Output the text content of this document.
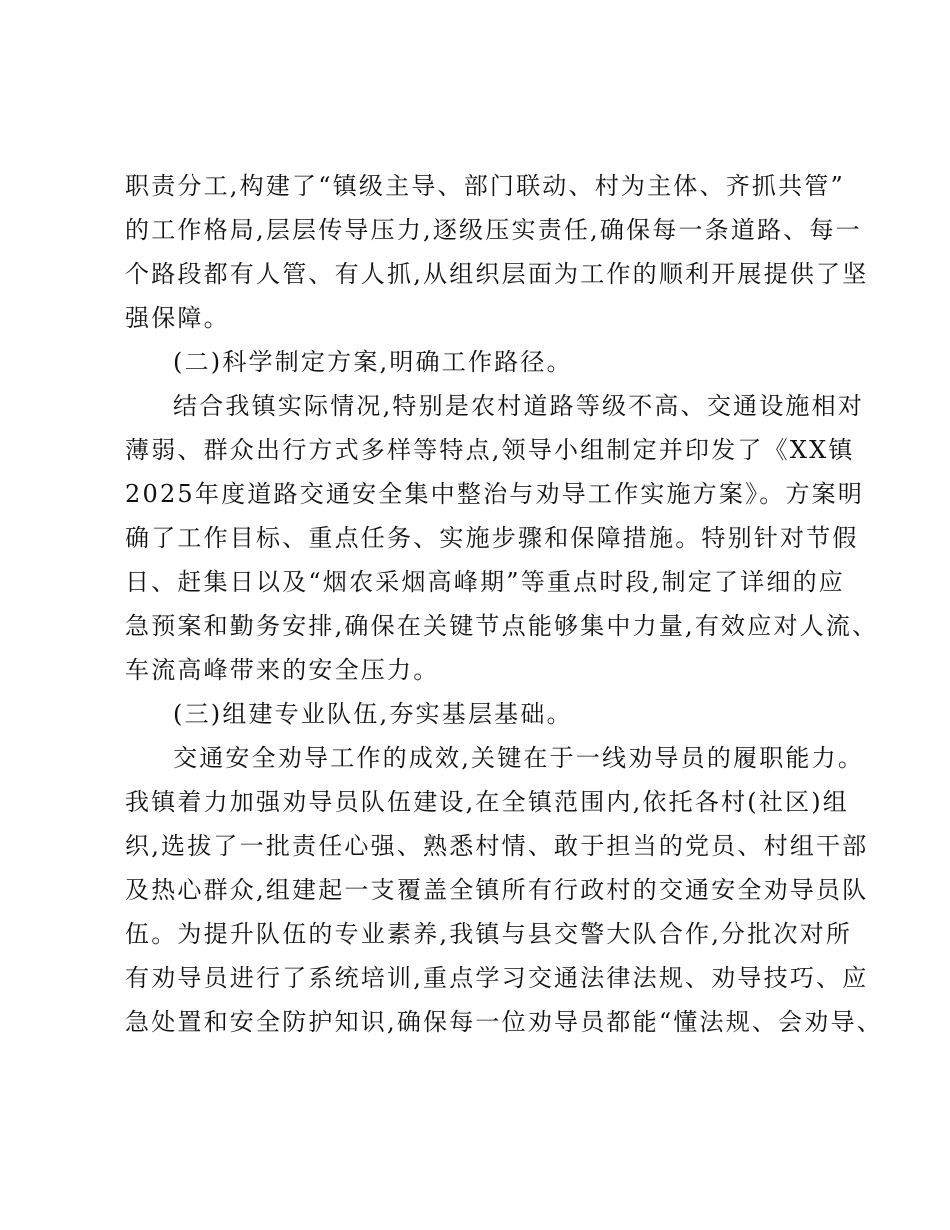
职责分工,构建了“镇级主导、部门联动、村为主体、齐抓共管”
的工作格局,层层传导压力,逐级压实责任,确保每一条道路、每一
个路段都有人管、有人抓,从组织层面为工作的顺利开展提供了坚
强保障。
(二)科学制定方案,明确工作路径。
结合我镇实际情况,特别是农村道路等级不高、交通设施相对
薄弱、群众出行方式多样等特点,领导小组制定并印发了《XX镇
2025年度道路交通安全集中整治与劝导工作实施方案》。方案明
确了工作目标、重点任务、实施步骤和保障措施。特别针对节假
日、赶集日以及“烟农采烟高峰期”等重点时段,制定了详细的应
急预案和勤务安排,确保在关键节点能够集中力量,有效应对人流、
车流高峰带来的安全压力。
(三)组建专业队伍,夯实基层基础。
交通安全劝导工作的成效,关键在于一线劝导员的履职能力。
我镇着力加强劝导员队伍建设,在全镇范围内,依托各村(社区)组
织,选拔了一批责任心强、熟悉村情、敢于担当的党员、村组干部
及热心群众,组建起一支覆盖全镇所有行政村的交通安全劝导员队
伍。为提升队伍的专业素养,我镇与县交警大队合作,分批次对所
有劝导员进行了系统培训,重点学习交通法律法规、劝导技巧、应
急处置和安全防护知识,确保每一位劝导员都能“懂法规、会劝导、
